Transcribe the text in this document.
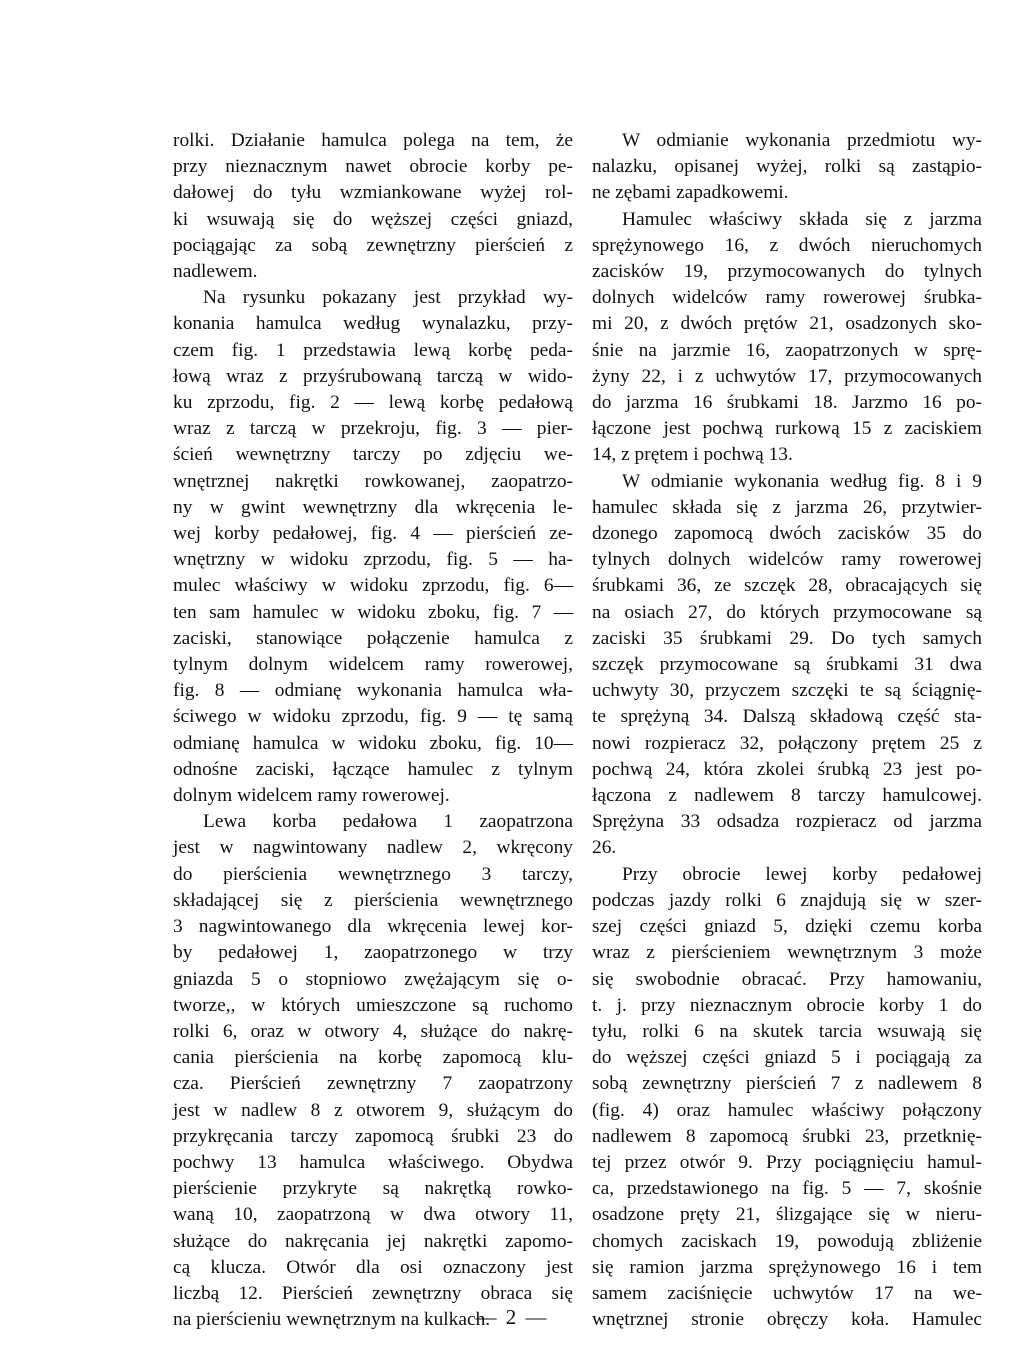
rolki. Działanie hamulca polega na tem, że
przy nieznacznym nawet obrocie korby pe-
dałowej do tyłu wzmiankowane wyżej rol-
ki wsuwają się do węższej części gniazd,
pociągając za sobą zewnętrzny pierścień z
nadlewem.
Na rysunku pokazany jest przykład wy-
konania hamulca według wynalazku, przy-
czem fig. 1 przedstawia lewą korbę peda-
łową wraz z przyśrubowaną tarczą w wido-
ku zprzodu, fig. 2 — lewą korbę pedałową
wraz z tarczą w przekroju, fig. 3 — pier-
ścień wewnętrzny tarczy po zdjęciu we-
wnętrznej nakrętki rowkowanej, zaopatrzo-
ny w gwint wewnętrzny dla wkręcenia le-
wej korby pedałowej, fig. 4 — pierścień ze-
wnętrzny w widoku zprzodu, fig. 5 — ha-
mulec właściwy w widoku zprzodu, fig. 6—
ten sam hamulec w widoku zboku, fig. 7 —
zaciski, stanowiące połączenie hamulca z
tylnym dolnym widelcem ramy rowerowej,
fig. 8 — odmianę wykonania hamulca wła-
ściwego w widoku zprzodu, fig. 9 — tę samą
odmianę hamulca w widoku zboku, fig. 10—
odnośne zaciski, łączące hamulec z tylnym
dolnym widelcem ramy rowerowej.
Lewa korba pedałowa 1 zaopatrzona
jest w nagwintowany nadlew 2, wkręcony
do pierścienia wewnętrznego 3 tarczy,
składającej się z pierścienia wewnętrznego
3 nagwintowanego dla wkręcenia lewej kor-
by pedałowej 1, zaopatrzonego w trzy
gniazda 5 o stopniowo zwężającym się o-
tworze,, w których umieszczone są ruchomo
rolki 6, oraz w otwory 4, służące do nakrę-
cania pierścienia na korbę zapomocą klu-
cza. Pierścień zewnętrzny 7 zaopatrzony
jest w nadlew 8 z otworem 9, służącym do
przykręcania tarczy zapomocą śrubki 23 do
pochwy 13 hamulca właściwego. Obydwa
pierścienie przykryte są nakrętką rowko-
waną 10, zaopatrzoną w dwa otwory 11,
służące do nakręcania jej nakrętki zapomo-
cą klucza. Otwór dla osi oznaczony jest
liczbą 12. Pierścień zewnętrzny obraca się
na pierścieniu wewnętrznym na kulkach.
W odmianie wykonania przedmiotu wy-
nalazku, opisanej wyżej, rolki są zastąpio-
ne zębami zapadkowemi.
Hamulec właściwy składa się z jarzma
sprężynowego 16, z dwóch nieruchomych
zacisków 19, przymocowanych do tylnych
dolnych widelców ramy rowerowej śrubka-
mi 20, z dwóch prętów 21, osadzonych sko-
śnie na jarzmie 16, zaopatrzonych w sprę-
żyny 22, i z uchwytów 17, przymocowanych
do jarzma 16 śrubkami 18. Jarzmo 16 po-
łączone jest pochwą rurkową 15 z zaciskiem
14, z prętem i pochwą 13.
W odmianie wykonania według fig. 8 i 9
hamulec składa się z jarzma 26, przytwier-
dzonego zapomocą dwóch zacisków 35 do
tylnych dolnych widelców ramy rowerowej
śrubkami 36, ze szczęk 28, obracających się
na osiach 27, do których przymocowane są
zaciski 35 śrubkami 29. Do tych samych
szczęk przymocowane są śrubkami 31 dwa
uchwyty 30, przyczem szczęki te są ściągnię-
te sprężyną 34. Dalszą składową część sta-
nowi rozpieracz 32, połączony prętem 25 z
pochwą 24, która zkolei śrubką 23 jest po-
łączona z nadlewem 8 tarczy hamulcowej.
Sprężyna 33 odsadza rozpieracz od jarzma
26.
Przy obrocie lewej korby pedałowej
podczas jazdy rolki 6 znajdują się w szer-
szej części gniazd 5, dzięki czemu korba
wraz z pierścieniem wewnętrznym 3 może
się swobodnie obracać. Przy hamowaniu,
t. j. przy nieznacznym obrocie korby 1 do
tyłu, rolki 6 na skutek tarcia wsuwają się
do węższej części gniazd 5 i pociągają za
sobą zewnętrzny pierścień 7 z nadlewem 8
(fig. 4) oraz hamulec właściwy połączony
nadlewem 8 zapomocą śrubki 23, przetknię-
tej przez otwór 9. Przy pociągnięciu hamul-
ca, przedstawionego na fig. 5 — 7, skośnie
osadzone pręty 21, ślizgające się w nieru-
chomych zaciskach 19, powodują zbliżenie
się ramion jarzma sprężynowego 16 i tem
samem zaciśnięcie uchwytów 17 na we-
wnętrznej stronie obręczy koła. Hamulec
— 2 —
